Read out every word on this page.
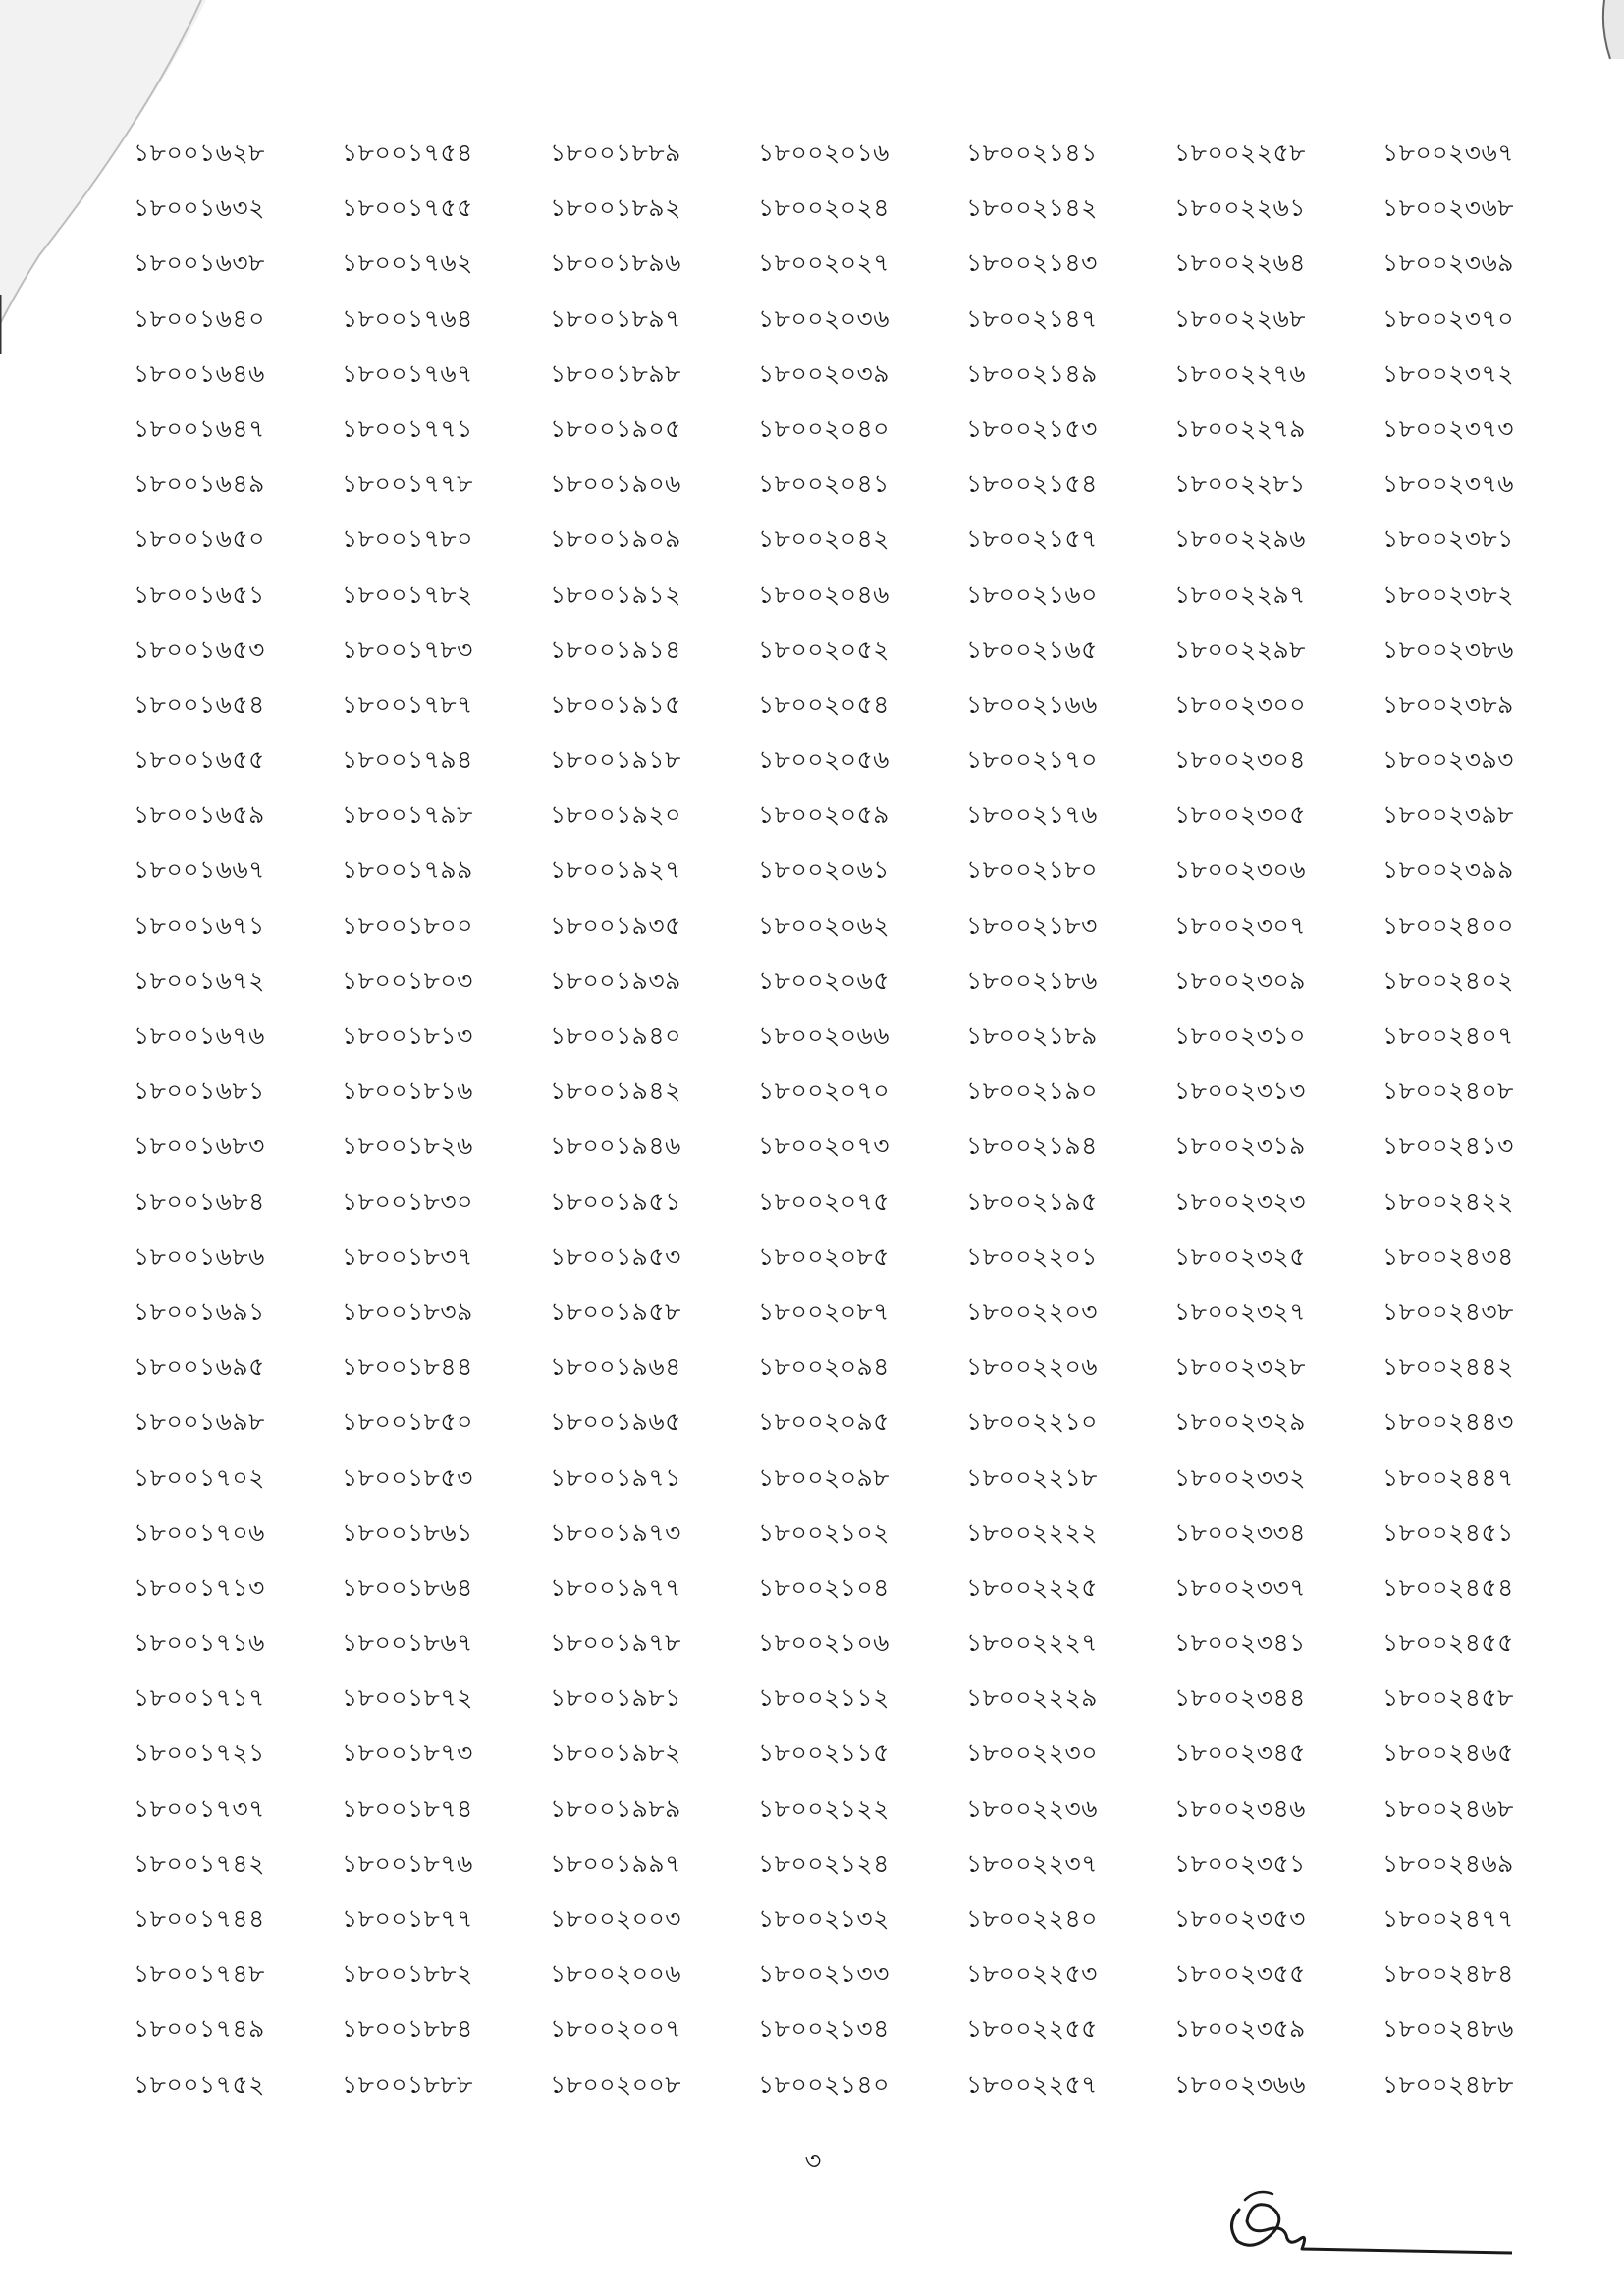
১৮০০১৬২৮	১৮০০১৭৫৪	১৮০০১৮৮৯	১৮০০২০১৬	১৮০০২১৪১	১৮০০২২৫৮	১৮০০২৩৬৭
১৮০০১৬৩২	১৮০০১৭৫৫	১৮০০১৮৯২	১৮০০২০২৪	১৮০০২১৪২	১৮০০২২৬১	১৮০০২৩৬৮
১৮০০১৬৩৮	১৮০০১৭৬২	১৮০০১৮৯৬	১৮০০২০২৭	১৮০০২১৪৩	১৮০০২২৬৪	১৮০০২৩৬৯
১৮০০১৬৪০	১৮০০১৭৬৪	১৮০০১৮৯৭	১৮০০২০৩৬	১৮০০২১৪৭	১৮০০২২৬৮	১৮০০২৩৭০
১৮০০১৬৪৬	১৮০০১৭৬৭	১৮০০১৮৯৮	১৮০০২০৩৯	১৮০০২১৪৯	১৮০০২২৭৬	১৮০০২৩৭২
১৮০০১৬৪৭	১৮০০১৭৭১	১৮০০১৯০৫	১৮০০২০৪০	১৮০০২১৫৩	১৮০০২২৭৯	১৮০০২৩৭৩
১৮০০১৬৪৯	১৮০০১৭৭৮	১৮০০১৯০৬	১৮০০২০৪১	১৮০০২১৫৪	১৮০০২২৮১	১৮০০২৩৭৬
১৮০০১৬৫০	১৮০০১৭৮০	১৮০০১৯০৯	১৮০০২০৪২	১৮০০২১৫৭	১৮০০২২৯৬	১৮০০২৩৮১
১৮০০১৬৫১	১৮০০১৭৮২	১৮০০১৯১২	১৮০০২০৪৬	১৮০০২১৬০	১৮০০২২৯৭	১৮০০২৩৮২
১৮০০১৬৫৩	১৮০০১৭৮৩	১৮০০১৯১৪	১৮০০২০৫২	১৮০০২১৬৫	১৮০০২২৯৮	১৮০০২৩৮৬
১৮০০১৬৫৪	১৮০০১৭৮৭	১৮০০১৯১৫	১৮০০২০৫৪	১৮০০২১৬৬	১৮০০২৩০০	১৮০০২৩৮৯
১৮০০১৬৫৫	১৮০০১৭৯৪	১৮০০১৯১৮	১৮০০২০৫৬	১৮০০২১৭০	১৮০০২৩০৪	১৮০০২৩৯৩
১৮০০১৬৫৯	১৮০০১৭৯৮	১৮০০১৯২০	১৮০০২০৫৯	১৮০০২১৭৬	১৮০০২৩০৫	১৮০০২৩৯৮
১৮০০১৬৬৭	১৮০০১৭৯৯	১৮০০১৯২৭	১৮০০২০৬১	১৮০০২১৮০	১৮০০২৩০৬	১৮০০২৩৯৯
১৮০০১৬৭১	১৮০০১৮০০	১৮০০১৯৩৫	১৮০০২০৬২	১৮০০২১৮৩	১৮০০২৩০৭	১৮০০২৪০০
১৮০০১৬৭২	১৮০০১৮০৩	১৮০০১৯৩৯	১৮০০২০৬৫	১৮০০২১৮৬	১৮০০২৩০৯	১৮০০২৪০২
১৮০০১৬৭৬	১৮০০১৮১৩	১৮০০১৯৪০	১৮০০২০৬৬	১৮০০২১৮৯	১৮০০২৩১০	১৮০০২৪০৭
১৮০০১৬৮১	১৮০০১৮১৬	১৮০০১৯৪২	১৮০০২০৭০	১৮০০২১৯০	১৮০০২৩১৩	১৮০০২৪০৮
১৮০০১৬৮৩	১৮০০১৮২৬	১৮০০১৯৪৬	১৮০০২০৭৩	১৮০০২১৯৪	১৮০০২৩১৯	১৮০০২৪১৩
১৮০০১৬৮৪	১৮০০১৮৩০	১৮০০১৯৫১	১৮০০২০৭৫	১৮০০২১৯৫	১৮০০২৩২৩	১৮০০২৪২২
১৮০০১৬৮৬	১৮০০১৮৩৭	১৮০০১৯৫৩	১৮০০২০৮৫	১৮০০২২০১	১৮০০২৩২৫	১৮০০২৪৩৪
১৮০০১৬৯১	১৮০০১৮৩৯	১৮০০১৯৫৮	১৮০০২০৮৭	১৮০০২২০৩	১৮০০২৩২৭	১৮০০২৪৩৮
১৮০০১৬৯৫	১৮০০১৮৪৪	১৮০০১৯৬৪	১৮০০২০৯৪	১৮০০২২০৬	১৮০০২৩২৮	১৮০০২৪৪২
১৮০০১৬৯৮	১৮০০১৮৫০	১৮০০১৯৬৫	১৮০০২০৯৫	১৮০০২২১০	১৮০০২৩২৯	১৮০০২৪৪৩
১৮০০১৭০২	১৮০০১৮৫৩	১৮০০১৯৭১	১৮০০২০৯৮	১৮০০২২১৮	১৮০০২৩৩২	১৮০০২৪৪৭
১৮০০১৭০৬	১৮০০১৮৬১	১৮০০১৯৭৩	১৮০০২১০২	১৮০০২২২২	১৮০০২৩৩৪	১৮০০২৪৫১
১৮০০১৭১৩	১৮০০১৮৬৪	১৮০০১৯৭৭	১৮০০২১০৪	১৮০০২২২৫	১৮০০২৩৩৭	১৮০০২৪৫৪
১৮০০১৭১৬	১৮০০১৮৬৭	১৮০০১৯৭৮	১৮০০২১০৬	১৮০০২২২৭	১৮০০২৩৪১	১৮০০২৪৫৫
১৮০০১৭১৭	১৮০০১৮৭২	১৮০০১৯৮১	১৮০০২১১২	১৮০০২২২৯	১৮০০২৩৪৪	১৮০০২৪৫৮
১৮০০১৭২১	১৮০০১৮৭৩	১৮০০১৯৮২	১৮০০২১১৫	১৮০০২২৩০	১৮০০২৩৪৫	১৮০০২৪৬৫
১৮০০১৭৩৭	১৮০০১৮৭৪	১৮০০১৯৮৯	১৮০০২১২২	১৮০০২২৩৬	১৮০০২৩৪৬	১৮০০২৪৬৮
১৮০০১৭৪২	১৮০০১৮৭৬	১৮০০১৯৯৭	১৮০০২১২৪	১৮০০২২৩৭	১৮০০২৩৫১	১৮০০২৪৬৯
১৮০০১৭৪৪	১৮০০১৮৭৭	১৮০০২০০৩	১৮০০২১৩২	১৮০০২২৪০	১৮০০২৩৫৩	১৮০০২৪৭৭
১৮০০১৭৪৮	১৮০০১৮৮২	১৮০০২০০৬	১৮০০২১৩৩	১৮০০২২৫৩	১৮০০২৩৫৫	১৮০০২৪৮৪
১৮০০১৭৪৯	১৮০০১৮৮৪	১৮০০২০০৭	১৮০০২১৩৪	১৮০০২২৫৫	১৮০০২৩৫৯	১৮০০২৪৮৬
১৮০০১৭৫২	১৮০০১৮৮৮	১৮০০২০০৮	১৮০০২১৪০	১৮০০২২৫৭	১৮০০২৩৬৬	১৮০০২৪৮৮
৩
